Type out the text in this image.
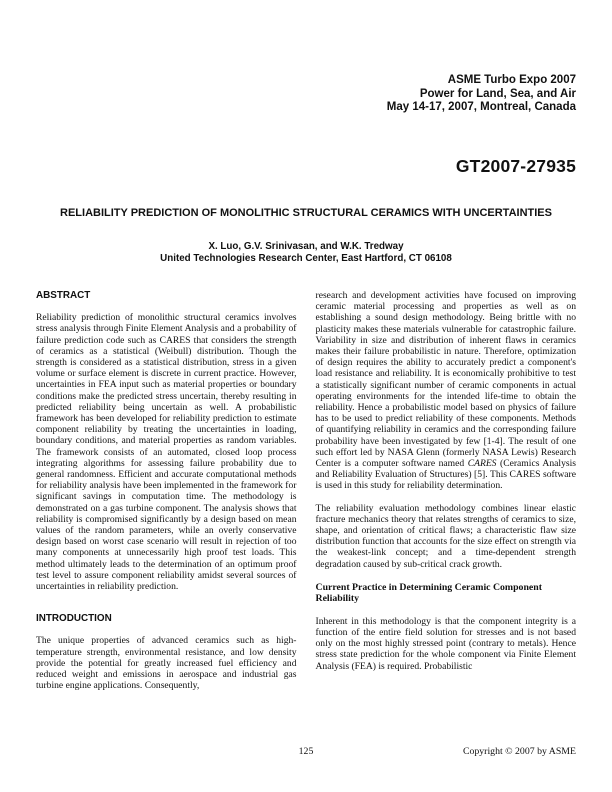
ASME Turbo Expo 2007
Power for Land, Sea, and Air
May 14-17, 2007, Montreal, Canada
GT2007-27935
RELIABILITY PREDICTION OF MONOLITHIC STRUCTURAL CERAMICS WITH UNCERTAINTIES
X. Luo, G.V. Srinivasan, and W.K. Tredway
United Technologies Research Center, East Hartford, CT 06108
ABSTRACT

Reliability prediction of monolithic structural ceramics involves stress analysis through Finite Element Analysis and a probability of failure prediction code such as CARES that considers the strength of ceramics as a statistical (Weibull) distribution. Though the strength is considered as a statistical distribution, stress in a given volume or surface element is discrete in current practice. However, uncertainties in FEA input such as material properties or boundary conditions make the predicted stress uncertain, thereby resulting in predicted reliability being uncertain as well. A probabilistic framework has been developed for reliability prediction to estimate component reliability by treating the uncertainties in loading, boundary conditions, and material properties as random variables. The framework consists of an automated, closed loop process integrating algorithms for assessing failure probability due to general randomness. Efficient and accurate computational methods for reliability analysis have been implemented in the framework for significant savings in computation time. The methodology is demonstrated on a gas turbine component. The analysis shows that reliability is compromised significantly by a design based on mean values of the random parameters, while an overly conservative design based on worst case scenario will result in rejection of too many components at unnecessarily high proof test loads. This method ultimately leads to the determination of an optimum proof test level to assure component reliability amidst several sources of uncertainties in reliability prediction.

INTRODUCTION

The unique properties of advanced ceramics such as high-temperature strength, environmental resistance, and low density provide the potential for greatly increased fuel efficiency and reduced weight and emissions in aerospace and industrial gas turbine engine applications. Consequently,

research and development activities have focused on improving ceramic material processing and properties as well as on establishing a sound design methodology. Being brittle with no plasticity makes these materials vulnerable for catastrophic failure. Variability in size and distribution of inherent flaws in ceramics makes their failure probabilistic in nature. Therefore, optimization of design requires the ability to accurately predict a component's load resistance and reliability. It is economically prohibitive to test a statistically significant number of ceramic components in actual operating environments for the intended life-time to obtain the reliability. Hence a probabilistic model based on physics of failure has to be used to predict reliability of these components. Methods of quantifying reliability in ceramics and the corresponding failure probability have been investigated by few [1-4]. The result of one such effort led by NASA Glenn (formerly NASA Lewis) Research Center is a computer software named CARES (Ceramics Analysis and Reliability Evaluation of Structures) [5]. This CARES software is used in this study for reliability determination.

The reliability evaluation methodology combines linear elastic fracture mechanics theory that relates strengths of ceramics to size, shape, and orientation of critical flaws; a characteristic flaw size distribution function that accounts for the size effect on strength via the weakest-link concept; and a time-dependent strength degradation caused by sub-critical crack growth.

Current Practice in Determining Ceramic Component Reliability

Inherent in this methodology is that the component integrity is a function of the entire field solution for stresses and is not based only on the most highly stressed point (contrary to metals). Hence stress state prediction for the whole component via Finite Element Analysis (FEA) is required. Probabilistic

125	Copyright © 2007 by ASME
